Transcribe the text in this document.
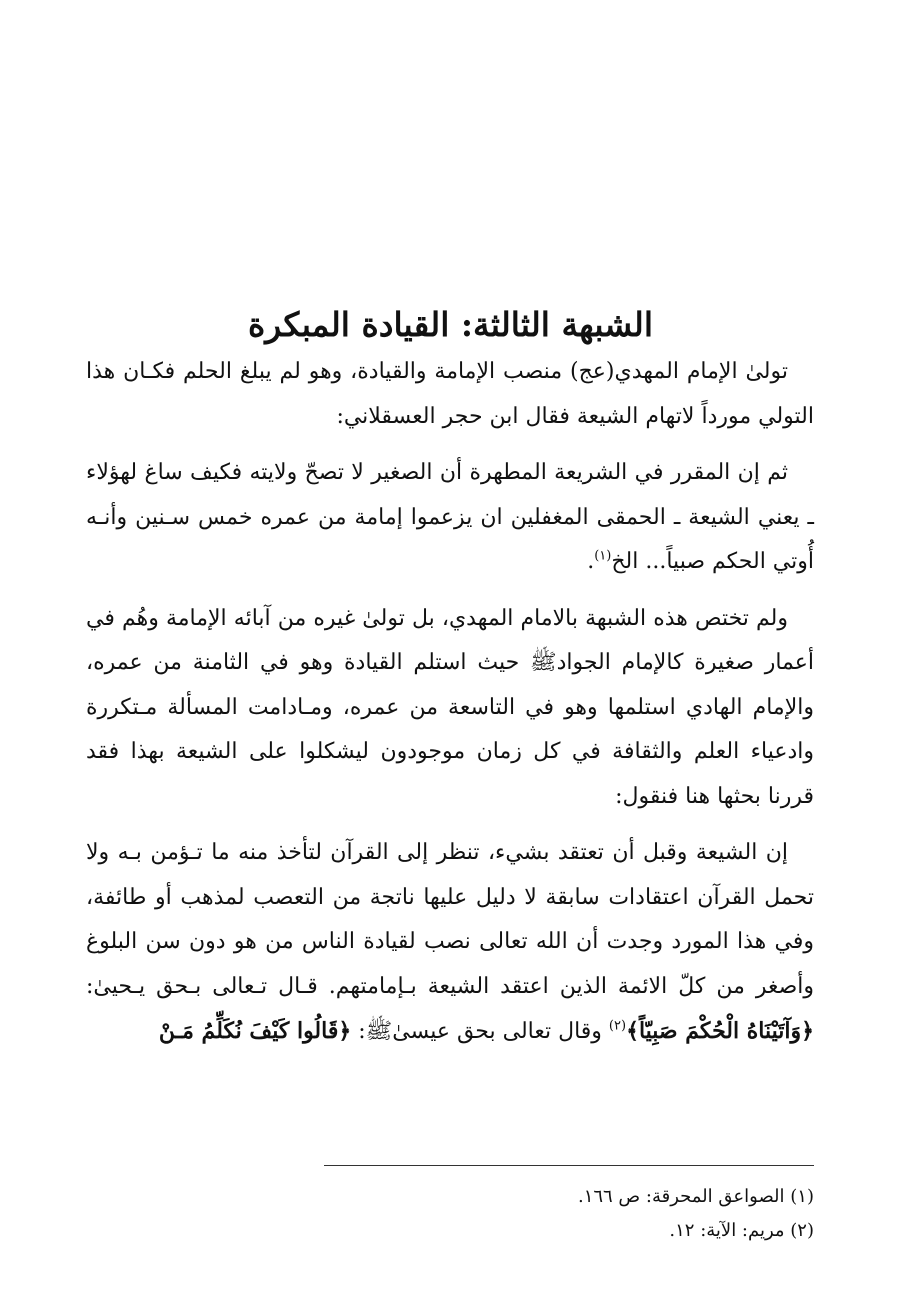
الشبهة الثالثة: القيادة المبكرة

تولىٰ الإمام المهدي(عج) منصب الإمامة والقيادة، وهو لم يبلغ الحلم فكـان هذا التولي مورداً لاتهام الشيعة فقال ابن حجر العسقلاني:

ثم إن المقرر في الشريعة المطهرة أن الصغير لا تصحّ ولايته فكيف ساغ لهؤلاء ـ يعني الشيعة ـ الحمقى المغفلين ان يزعموا إمامة من عمره خمس سـنين وأنـه أُوتي الحكم صبياً... الخ$^{(١)}$.

ولم تختص هذه الشبهة بالامام المهدي، بل تولىٰ غيره من آبائه الإمامة وهُم في أعمار صغيرة كالإمام الجوادﷺ حيث استلم القيادة وهو في الثامنة من عمره، والإمام الهادي استلمها وهو في التاسعة من عمره، ومـادامت المسألة مـتكررة وادعياء العلم والثقافة في كل زمان موجودون ليشكلوا على الشيعة بهذا فقد قررنا بحثها هنا فنقول:

إن الشيعة وقبل أن تعتقد بشيء، تنظر إلى القرآن لتأخذ منه ما تـؤمن بـه ولا تحمل القرآن اعتقادات سابقة لا دليل عليها ناتجة من التعصب لمذهب أو طائفة، وفي هذا المورد وجدت أن الله تعالى نصب لقيادة الناس من هو دون سن البلوغ وأصغر من كلّ الائمة الذين اعتقد الشيعة بـإمامتهم. قـال تـعالى بـحق يـحيىٰ: ﴿وَآتَيْنَاهُ الْحُكْمَ صَبِيّاً﴾$^{(٢)}$ وقال تعالى بحق عيسىٰﷺ: ﴿قَالُوا كَيْفَ نُكَلِّمُ مَـنْ

(١) الصواعق المحرقة: ص ١٦٦.
(٢) مريم: الآية: ١٢.
